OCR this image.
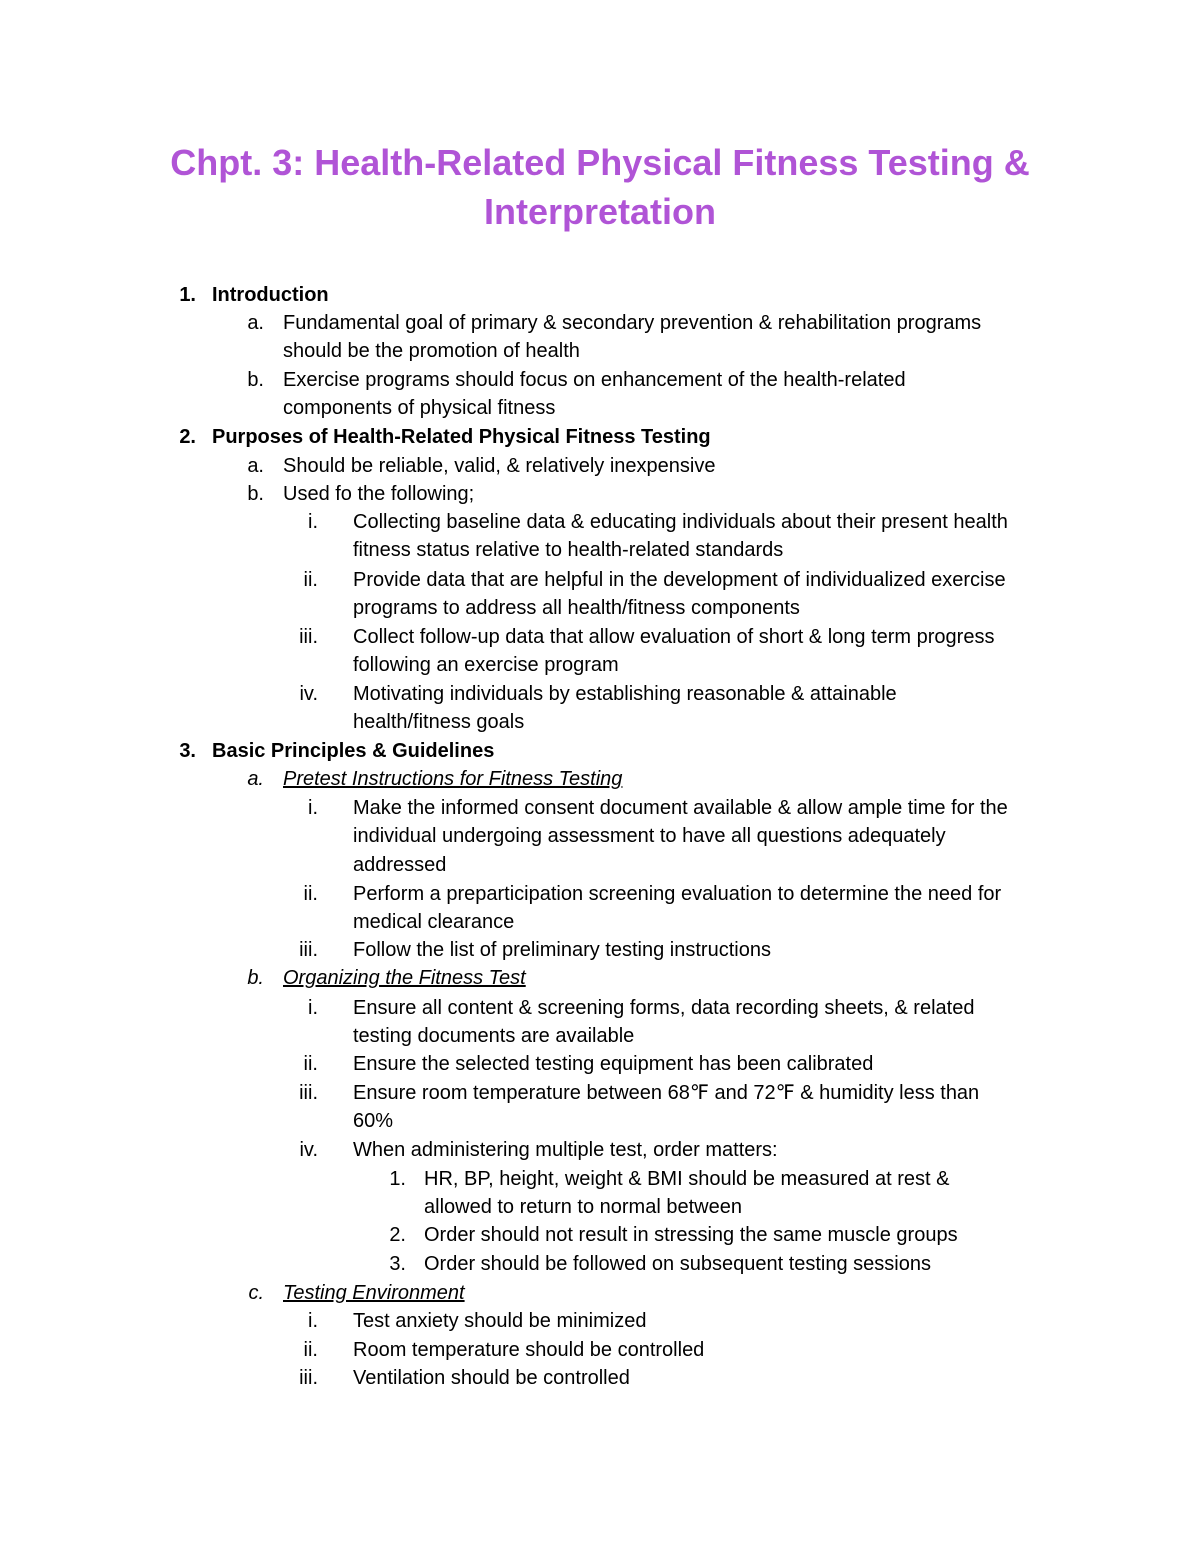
Chpt. 3: Health-Related Physical Fitness Testing & Interpretation
1. Introduction
a. Fundamental goal of primary & secondary prevention & rehabilitation programs
should be the promotion of health
b. Exercise programs should focus on enhancement of the health-related
components of physical fitness
2. Purposes of Health-Related Physical Fitness Testing
a. Should be reliable, valid, & relatively inexpensive
b. Used fo the following;
i. Collecting baseline data & educating individuals about their present health
fitness status relative to health-related standards
ii. Provide data that are helpful in the development of individualized exercise
programs to address all health/fitness components
iii. Collect follow-up data that allow evaluation of short & long term progress
following an exercise program
iv. Motivating individuals by establishing reasonable & attainable
health/fitness goals
3. Basic Principles & Guidelines
a. Pretest Instructions for Fitness Testing
i. Make the informed consent document available & allow ample time for the
individual undergoing assessment to have all questions adequately
addressed
ii. Perform a preparticipation screening evaluation to determine the need for
medical clearance
iii. Follow the list of preliminary testing instructions
b. Organizing the Fitness Test
i. Ensure all content & screening forms, data recording sheets, & related
testing documents are available
ii. Ensure the selected testing equipment has been calibrated
iii. Ensure room temperature between 68℉ and 72℉ & humidity less than
60%
iv. When administering multiple test, order matters:
1. HR, BP, height, weight & BMI should be measured at rest &
allowed to return to normal between
2. Order should not result in stressing the same muscle groups
3. Order should be followed on subsequent testing sessions
c. Testing Environment
i. Test anxiety should be minimized
ii. Room temperature should be controlled
iii. Ventilation should be controlled
